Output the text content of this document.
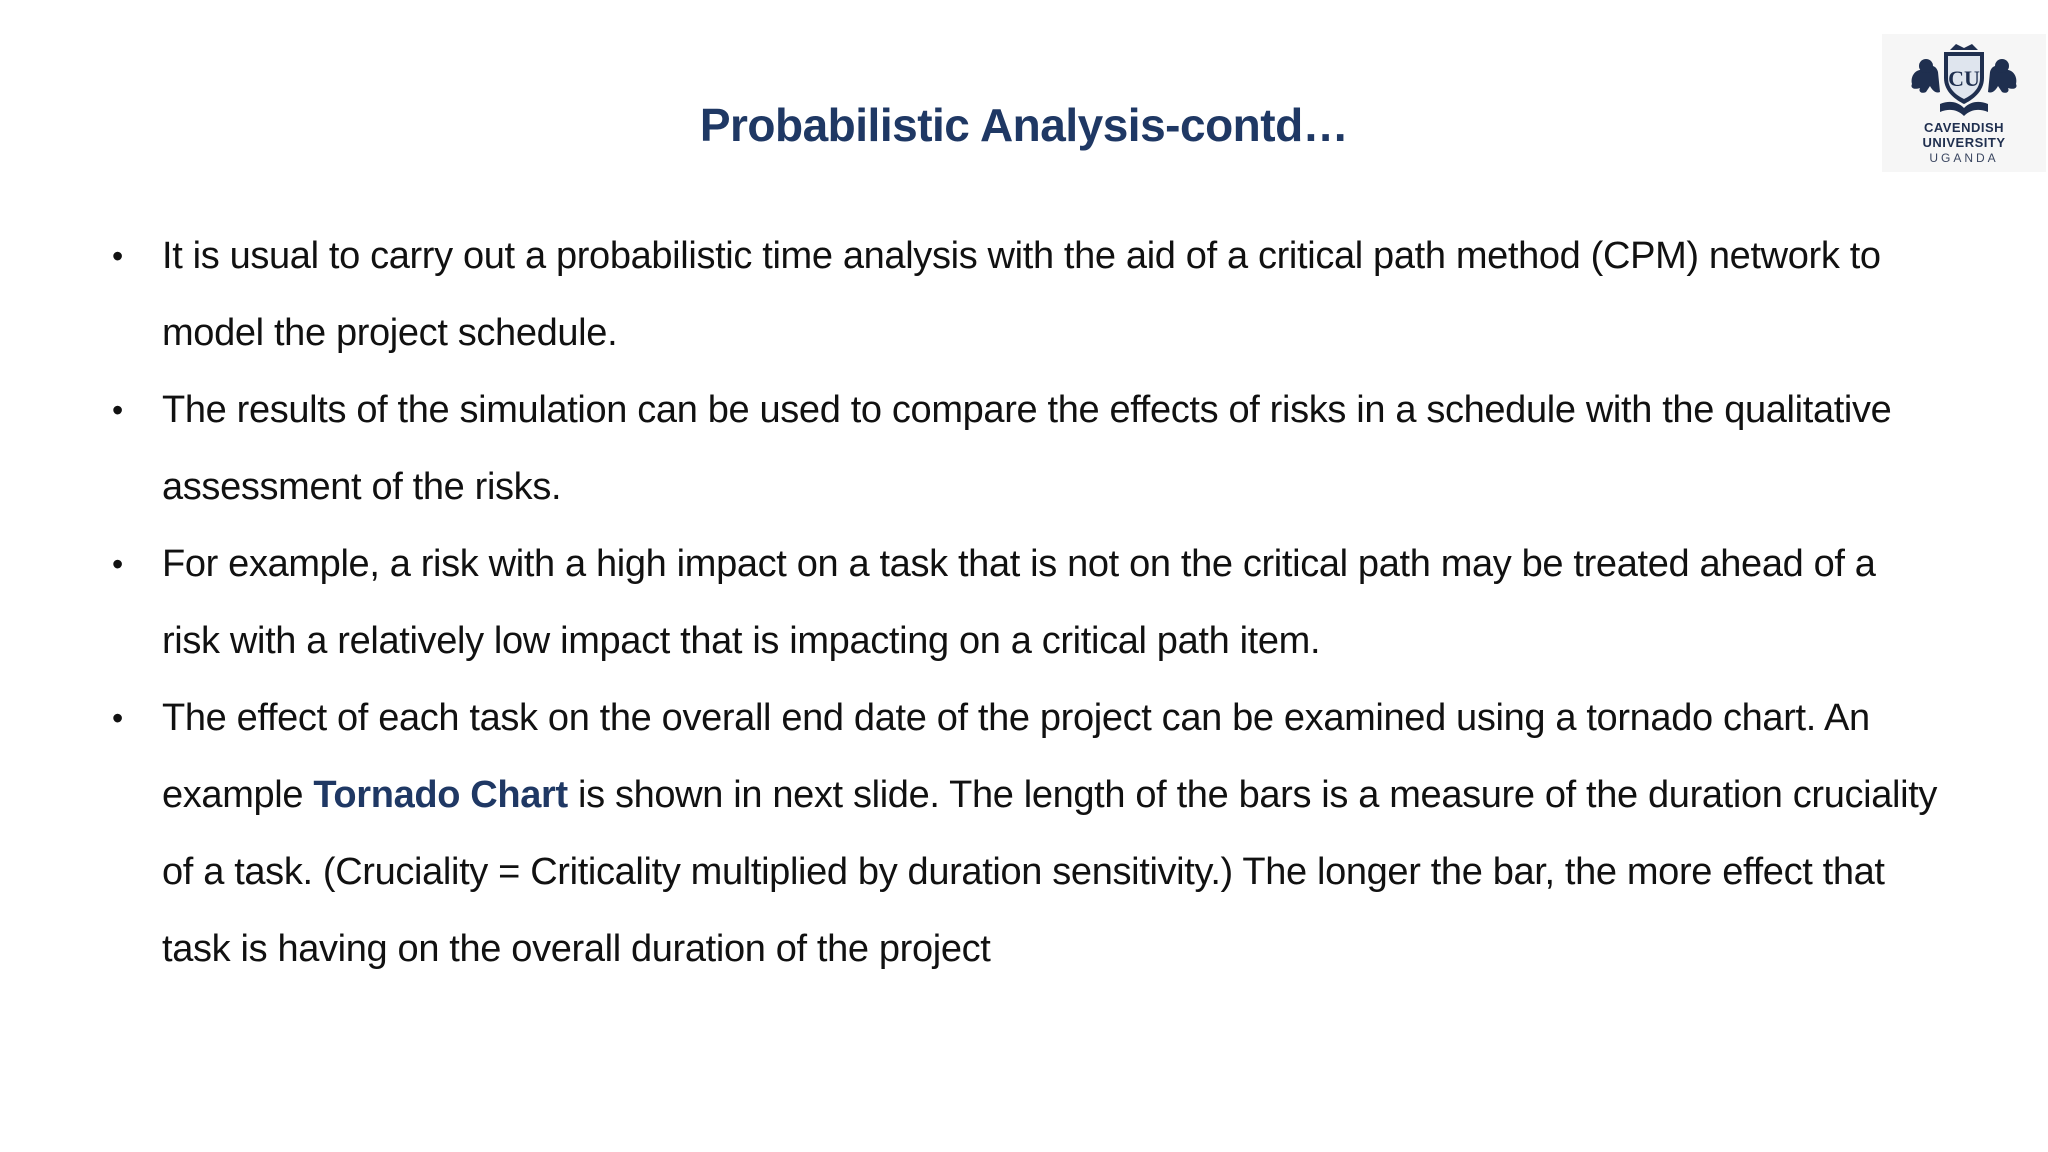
Probabilistic Analysis-contd…
CU
CAVENDISH
UNIVERSITY
UGANDA
• It is usual to carry out a probabilistic time analysis with the aid of a critical path method (CPM) network to model the project schedule.
• The results of the simulation can be used to compare the effects of risks in a schedule with the qualitative assessment of the risks.
• For example, a risk with a high impact on a task that is not on the critical path may be treated ahead of a risk with a relatively low impact that is impacting on a critical path item.
• The effect of each task on the overall end date of the project can be examined using a tornado chart. An example Tornado Chart is shown in next slide. The length of the bars is a measure of the duration cruciality of a task. (Cruciality = Criticality multiplied by duration sensitivity.) The longer the bar, the more effect that task is having on the overall duration of the project
